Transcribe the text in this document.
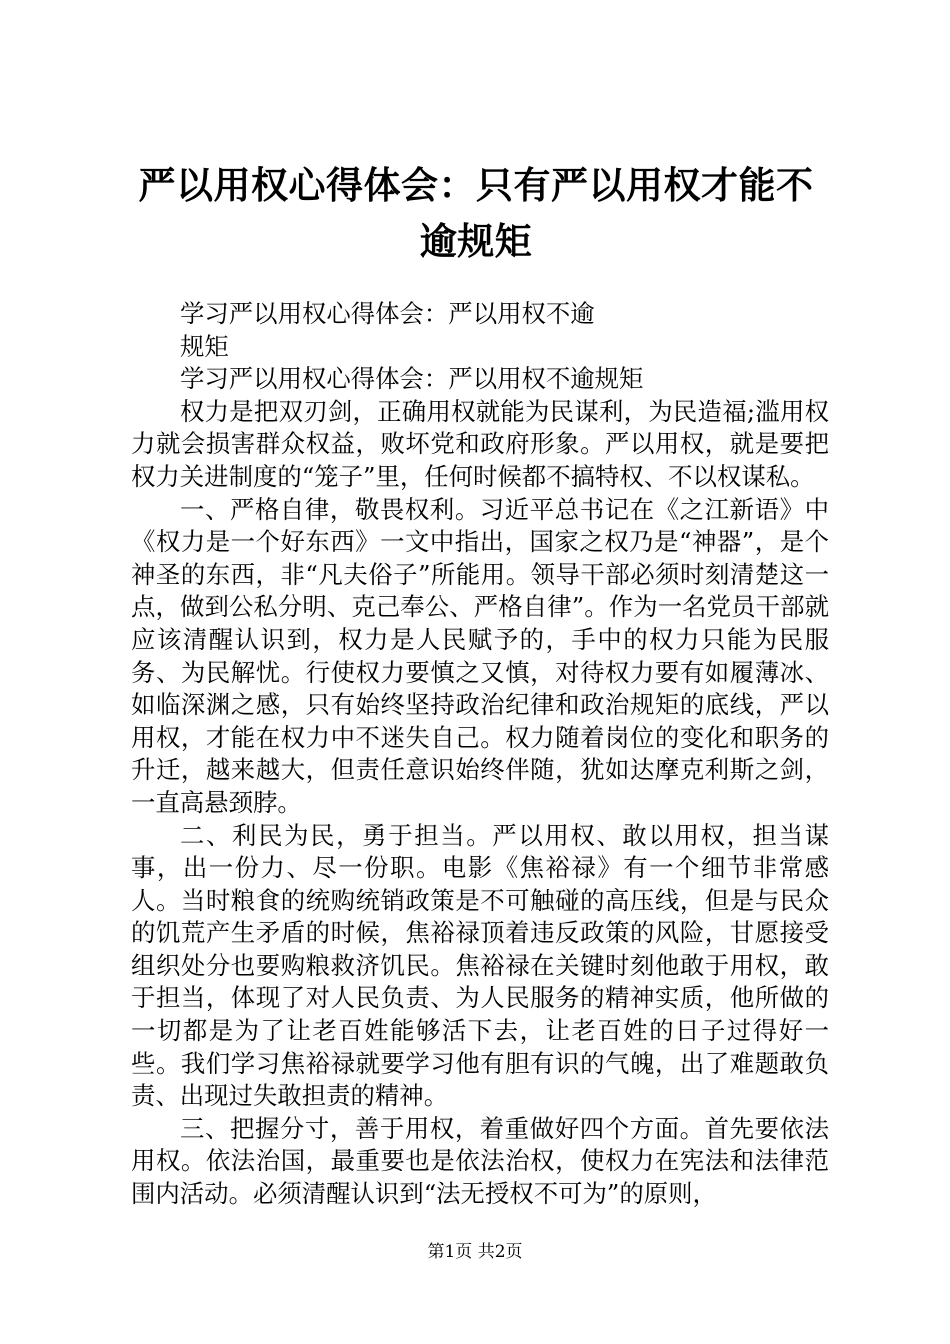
严以用权心得体会：只有严以用权才能不逾规矩
学习严以用权心得体会：严以用权不逾
规矩
学习严以用权心得体会：严以用权不逾规矩

权力是把双刃剑，正确用权就能为民谋利，为民造福;滥用权力就会损害群众权益，败坏党和政府形象。严以用权，就是要把权力关进制度的“笼子”里，任何时候都不搞特权、不以权谋私。

一、严格自律，敬畏权利。习近平总书记在《之江新语》中《权力是一个好东西》一文中指出，国家之权乃是“神器”，是个神圣的东西，非“凡夫俗子”所能用。领导干部必须时刻清楚这一点，做到公私分明、克己奉公、严格自律”。作为一名党员干部就应该清醒认识到，权力是人民赋予的，手中的权力只能为民服务、为民解忧。行使权力要慎之又慎，对待权力要有如履薄冰、如临深渊之感，只有始终坚持政治纪律和政治规矩的底线，严以用权，才能在权力中不迷失自己。权力随着岗位的变化和职务的升迁，越来越大，但责任意识始终伴随，犹如达摩克利斯之剑，一直高悬颈脖。

二、利民为民，勇于担当。严以用权、敢以用权，担当谋事，出一份力、尽一份职。电影《焦裕禄》有一个细节非常感人。当时粮食的统购统销政策是不可触碰的高压线，但是与民众的饥荒产生矛盾的时候，焦裕禄顶着违反政策的风险，甘愿接受组织处分也要购粮救济饥民。焦裕禄在关键时刻他敢于用权，敢于担当，体现了对人民负责、为人民服务的精神实质，他所做的一切都是为了让老百姓能够活下去，让老百姓的日子过得好一些。我们学习焦裕禄就要学习他有胆有识的气魄，出了难题敢负责、出现过失敢担责的精神。

三、把握分寸，善于用权，着重做好四个方面。首先要依法用权。依法治国，最重要也是依法治权，使权力在宪法和法律范围内活动。必须清醒认识到“法无授权不可为”的原则，

第1页 共2页
